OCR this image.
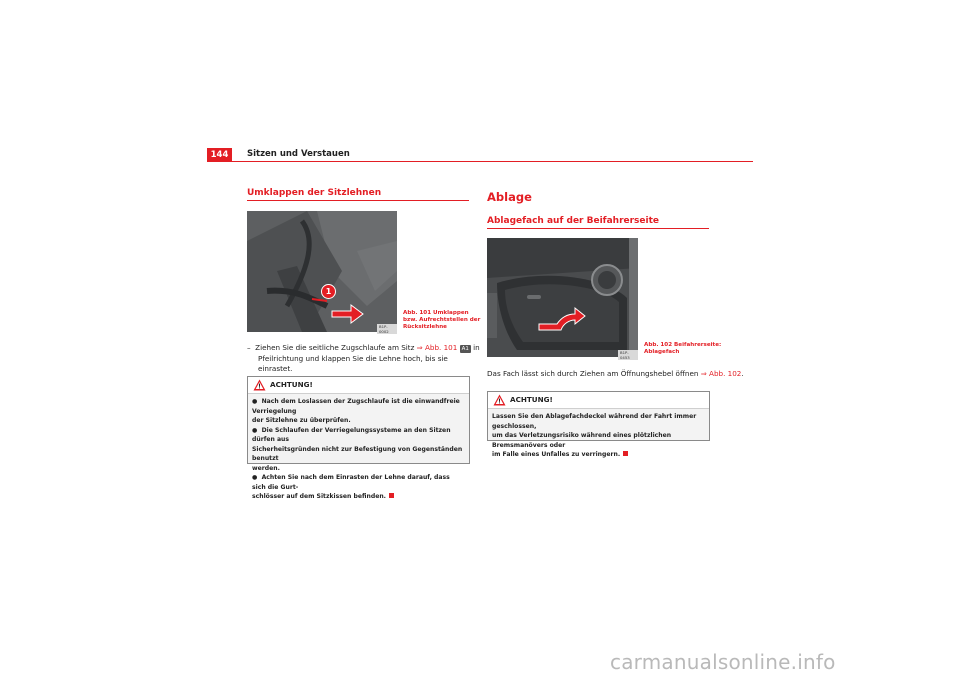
144	Sitzen und Verstauen
Umklappen der Sitzlehnen
1
B1P-0002
Abb. 101 Umklappen
bzw. Aufrechtstellen der
Rücksitzlehne
– Ziehen Sie die seitliche Zugschlaufe am Sitz ⇒ Abb. 101 A1 in
Pfeilrichtung und klappen Sie die Lehne hoch, bis sie einrastet.
ACHTUNG!
● Nach dem Loslassen der Zugschlaufe ist die einwandfreie Verriegelung
der Sitzlehne zu überprüfen.
● Die Schlaufen der Verriegelungssysteme an den Sitzen dürfen aus
Sicherheitsgründen nicht zur Befestigung von Gegenständen benutzt
werden.
● Achten Sie nach dem Einrasten der Lehne darauf, dass sich die Gurt-
schlösser auf dem Sitzkissen befinden.
Ablage
Ablagefach auf der Beifahrerseite
B1P-0453
Abb. 102 Beifahrerseite:
Ablagefach
Das Fach lässt sich durch Ziehen am Öffnungshebel öffnen ⇒ Abb. 102.
ACHTUNG!
Lassen Sie den Ablagefachdeckel während der Fahrt immer geschlossen,
um das Verletzungsrisiko während eines plötzlichen Bremsmanövers oder
im Falle eines Unfalles zu verringern.
carmanualsonline.info
